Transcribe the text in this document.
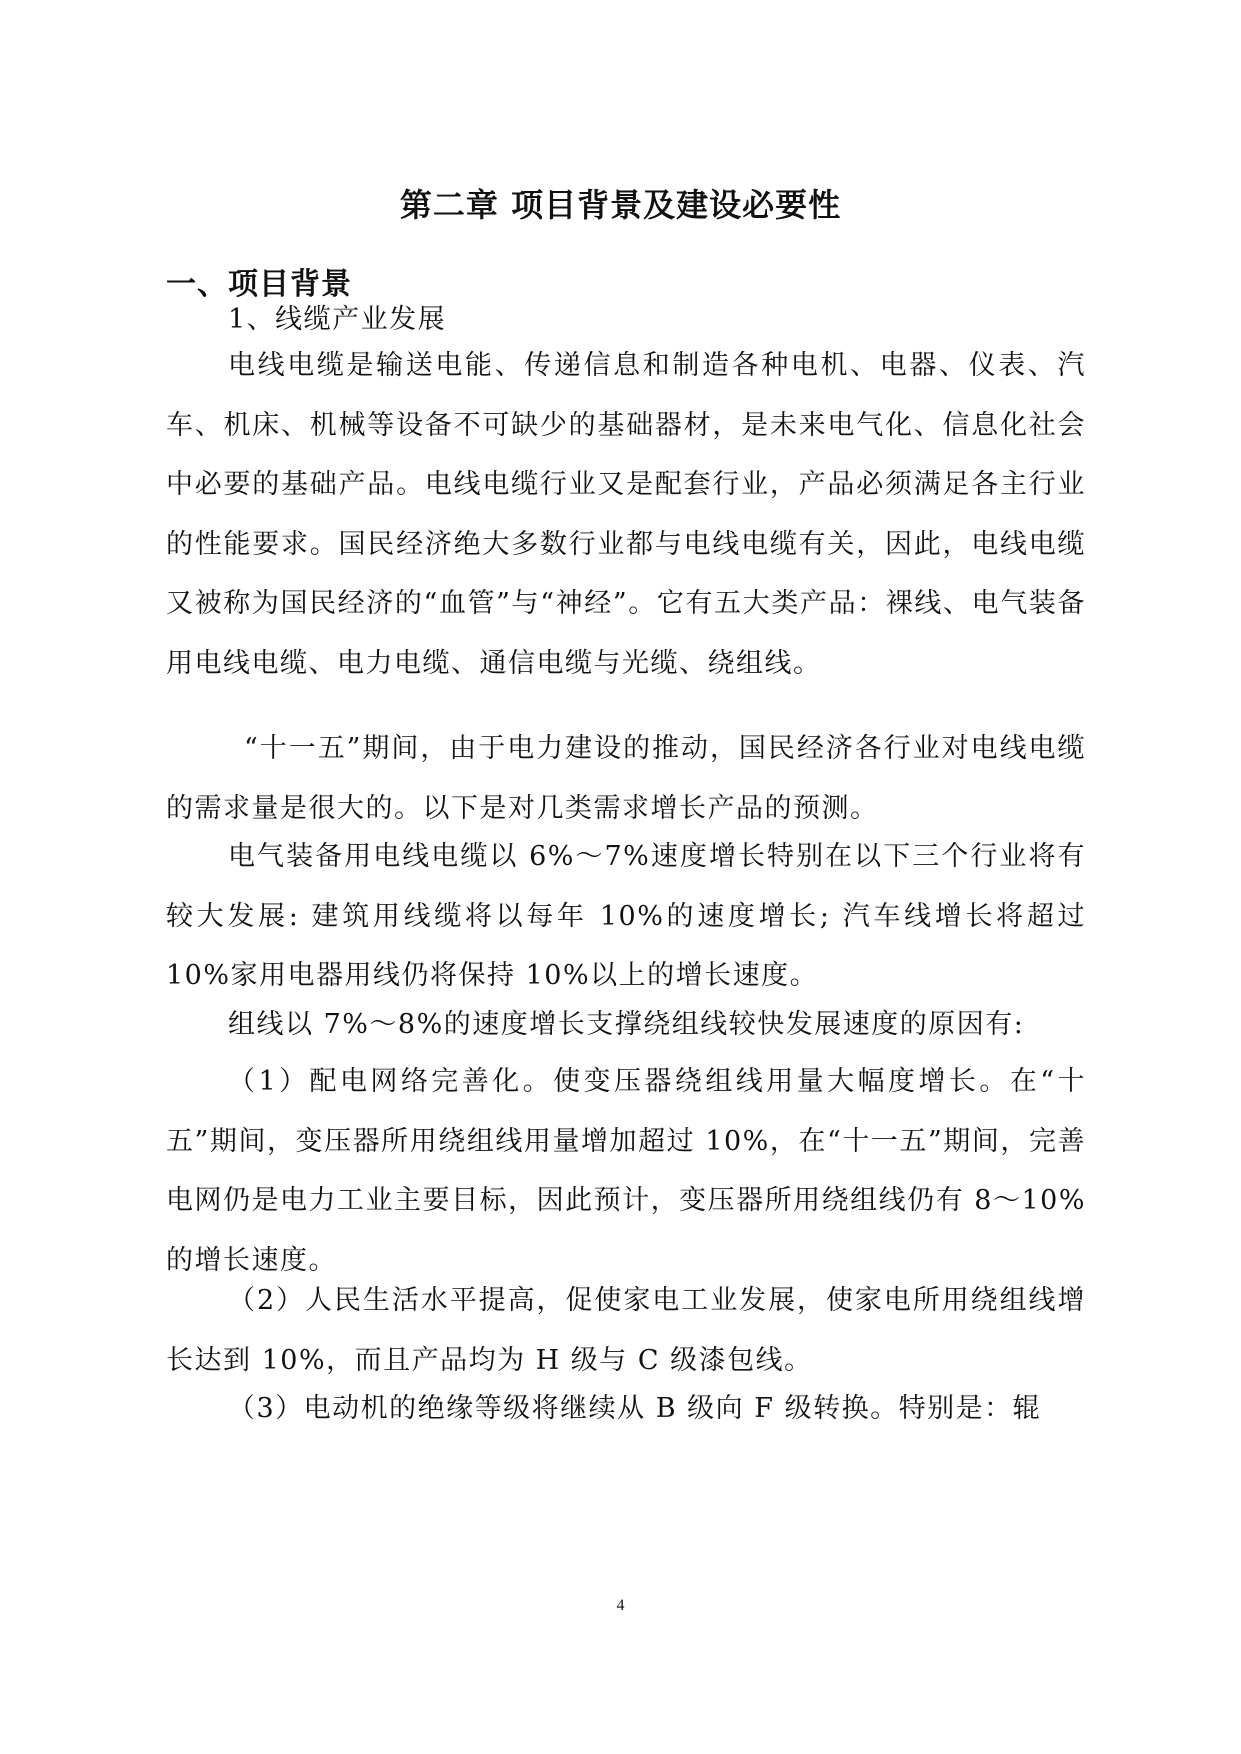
第二章 项目背景及建设必要性
一、项目背景

1、线缆产业发展

电线电缆是输送电能、传递信息和制造各种电机、电器、仪表、汽车、机床、机械等设备不可缺少的基础器材，是未来电气化、信息化社会中必要的基础产品。电线电缆行业又是配套行业，产品必须满足各主行业的性能要求。国民经济绝大多数行业都与电线电缆有关，因此，电线电缆又被称为国民经济的“血管”与“神经”。它有五大类产品：裸线、电气装备用电线电缆、电力电缆、通信电缆与光缆、绕组线。

“十一五”期间，由于电力建设的推动，国民经济各行业对电线电缆的需求量是很大的。以下是对几类需求增长产品的预测。

电气装备用电线电缆以 6%～7%速度增长特别在以下三个行业将有较大发展: 建筑用线缆将以每年 10%的速度增长; 汽车线增长将超过 10%家用电器用线仍将保持 10%以上的增长速度。

组线以 7%～8%的速度增长支撑绕组线较快发展速度的原因有:

（1）配电网络完善化。使变压器绕组线用量大幅度增长。在“十五”期间，变压器所用绕组线用量增加超过 10%，在“十一五”期间，完善电网仍是电力工业主要目标，因此预计，变压器所用绕组线仍有 8～10%的增长速度。

（2）人民生活水平提高，促使家电工业发展，使家电所用绕组线增长达到 10%，而且产品均为 H 级与 C 级漆包线。

（3）电动机的绝缘等级将继续从 B 级向 F 级转换。特别是：辊

4
